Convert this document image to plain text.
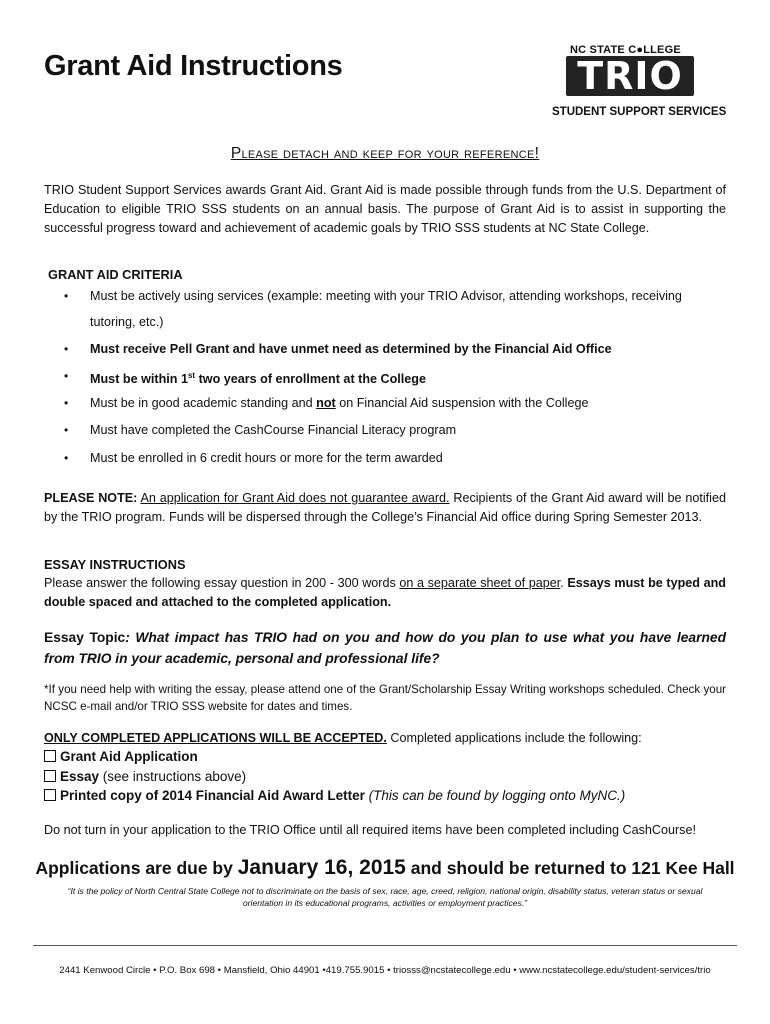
Grant Aid Instructions	NC STATE C●LLEGE
TRIO
STUDENT SUPPORT SERVICES
Please detach and keep for your reference!
TRIO Student Support Services awards Grant Aid. Grant Aid is made possible through funds from the U.S. Department of Education to eligible TRIO SSS students on an annual basis. The purpose of Grant Aid is to assist in supporting the successful progress toward and achievement of academic goals by TRIO SSS students at NC State College.
GRANT AID CRITERIA
• Must be actively using services (example: meeting with your TRIO Advisor, attending workshops, receiving
tutoring, etc.)
• Must receive Pell Grant and have unmet need as determined by the Financial Aid Office
• Must be within 1st two years of enrollment at the College
• Must be in good academic standing and not on Financial Aid suspension with the College
• Must have completed the CashCourse Financial Literacy program
• Must be enrolled in 6 credit hours or more for the term awarded
PLEASE NOTE: An application for Grant Aid does not guarantee award. Recipients of the Grant Aid award will be notified by the TRIO program. Funds will be dispersed through the College’s Financial Aid office during Spring Semester 2013.
ESSAY INSTRUCTIONS
Please answer the following essay question in 200 - 300 words on a separate sheet of paper. Essays must be typed and double spaced and attached to the completed application.
Essay Topic: What impact has TRIO had on you and how do you plan to use what you have learned from TRIO in your academic, personal and professional life?
*If you need help with writing the essay, please attend one of the Grant/Scholarship Essay Writing workshops scheduled. Check your NCSC e-mail and/or TRIO SSS website for dates and times.
ONLY COMPLETED APPLICATIONS WILL BE ACCEPTED. Completed applications include the following:
Grant Aid Application
Essay (see instructions above)
Printed copy of 2014 Financial Aid Award Letter (This can be found by logging onto MyNC.)
Do not turn in your application to the TRIO Office until all required items have been completed including CashCourse!
Applications are due by January 16, 2015 and should be returned to 121 Kee Hall
“It is the policy of North Central State College not to discriminate on the basis of sex, race, age, creed, religion, national origin, disability status, veteran status or sexual orientation in its educational programs, activities or employment practices.”
2441 Kenwood Circle • P.O. Box 698 • Mansfield, Ohio 44901 •419.755.9015 • triosss@ncstatecollege.edu • www.ncstatecollege.edu/student-services/trio
